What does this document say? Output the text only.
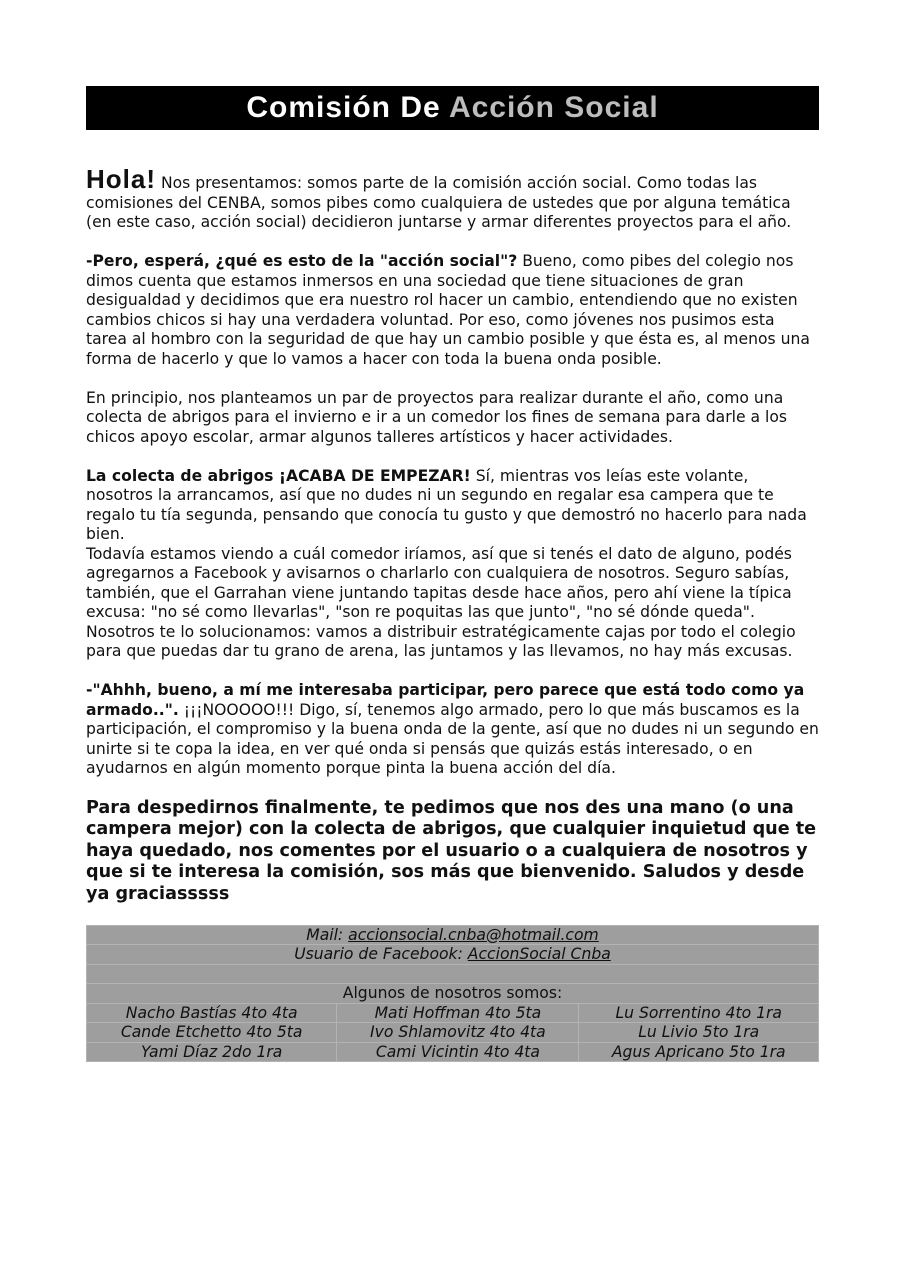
Comisión De Acción Social

Hola! Nos presentamos: somos parte de la comisión acción social. Como todas las comisiones del CENBA, somos pibes como cualquiera de ustedes que por alguna temática (en este caso, acción social) decidieron juntarse y armar diferentes proyectos para el año.

-Pero, esperá, ¿qué es esto de la "acción social"? Bueno, como pibes del colegio nos dimos cuenta que estamos inmersos en una sociedad que tiene situaciones de gran desigualdad y decidimos que era nuestro rol hacer un cambio, entendiendo que no existen cambios chicos si hay una verdadera voluntad. Por eso, como jóvenes nos pusimos esta tarea al hombro con la seguridad de que hay un cambio posible y que ésta es, al menos una forma de hacerlo y que lo vamos a hacer con toda la buena onda posible.

En principio, nos planteamos un par de proyectos para realizar durante el año, como una colecta de abrigos para el invierno e ir a un comedor los fines de semana para darle a los chicos apoyo escolar, armar algunos talleres artísticos y hacer actividades.

La colecta de abrigos ¡ACABA DE EMPEZAR! Sí, mientras vos leías este volante, nosotros la arrancamos, así que no dudes ni un segundo en regalar esa campera que te regalo tu tía segunda, pensando que conocía tu gusto y que demostró no hacerlo para nada bien.

Todavía estamos viendo a cuál comedor iríamos, así que si tenés el dato de alguno, podés agregarnos a Facebook y avisarnos o charlarlo con cualquiera de nosotros. Seguro sabías, también, que el Garrahan viene juntando tapitas desde hace años, pero ahí viene la típica excusa: "no sé como llevarlas", "son re poquitas las que junto", "no sé dónde queda". Nosotros te lo solucionamos: vamos a distribuir estratégicamente cajas por todo el colegio para que puedas dar tu grano de arena, las juntamos y las llevamos, no hay más excusas.

-"Ahhh, bueno, a mí me interesaba participar, pero parece que está todo como ya armado..". ¡¡¡NOOOOO!!! Digo, sí, tenemos algo armado, pero lo que más buscamos es la participación, el compromiso y la buena onda de la gente, así que no dudes ni un segundo en unirte si te copa la idea, en ver qué onda si pensás que quizás estás interesado, o en ayudarnos en algún momento porque pinta la buena acción del día.

Para despedirnos finalmente, te pedimos que nos des una mano (o una campera mejor) con la colecta de abrigos, que cualquier inquietud que te haya quedado, nos comentes por el usuario o a cualquiera de nosotros y que si te interesa la comisión, sos más que bienvenido. Saludos y desde ya graciasssss

Mail: accionsocial.cnba@hotmail.com		
Usuario de Facebook: AccionSocial Cnba		

Algunos de nosotros somos:		
Nacho Bastías 4to 4ta	Mati Hoffman 4to 5ta	Lu Sorrentino 4to 1ra
Cande Etchetto 4to 5ta	Ivo Shlamovitz 4to 4ta	Lu Livio 5to 1ra
Yami Díaz 2do 1ra	Cami Vicintin 4to 4ta	Agus Apricano 5to 1ra
